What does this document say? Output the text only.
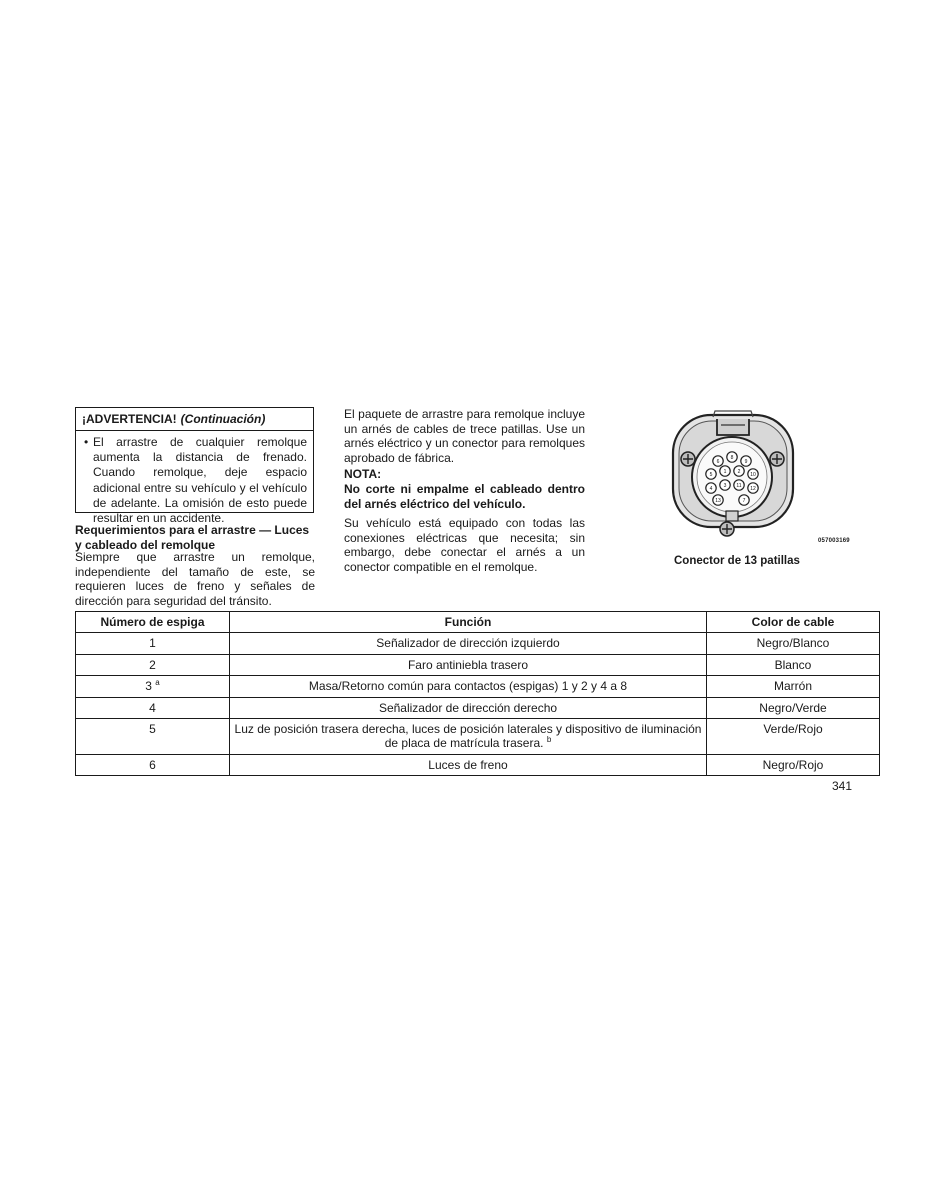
¡ADVERTENCIA! (Continuación)
• El arrastre de cualquier remolque aumenta la distancia de frenado. Cuando remolque, deje espacio adicional entre su vehículo y el vehículo de adelante. La omisión de esto puede resultar en un accidente.

Requerimientos para el arrastre — Luces y cableado del remolque

Siempre que arrastre un remolque, independiente del tamaño de este, se requieren luces de freno y señales de dirección para seguridad del tránsito.

El paquete de arrastre para remolque incluye un arnés de cables de trece patillas. Use un arnés eléctrico y un conector para remolques aprobado de fábrica.

NOTA:

No corte ni empalme el cableado dentro del arnés eléctrico del vehículo.

Su vehículo está equipado con todas las conexiones eléctricas que necesita; sin embargo, debe conectar el arnés a un conector compatible en el remolque.

6
8
9
5 1 2 10
4 3 11 12
13	7
057003169
Conector de 13 patillas
Número de espiga	Función	Color de cable
1	Señalizador de dirección izquierdo	Negro/Blanco
2	Faro antiniebla trasero	Blanco
3 $^a$	Masa/Retorno común para contactos (espigas) 1 y 2 y 4 a 8	Marrón
4	Señalizador de dirección derecho	Negro/Verde
5	Luz de posición trasera derecha, luces de posición laterales y dispositivo de iluminación de placa de matrícula trasera. $^b$	Verde/Rojo
6	Luces de freno	Negro/Rojo
341
